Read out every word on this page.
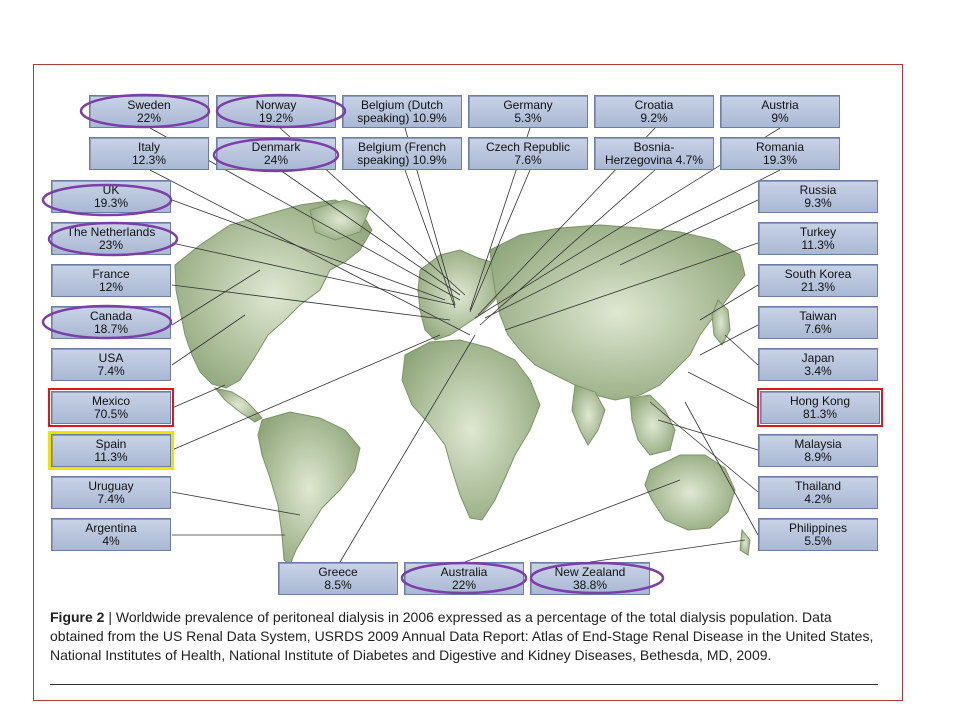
Sweden
22%
Norway
19.2%
Belgium (Dutch
speaking) 10.9%
Germany
5.3%
Croatia
9.2%
Austria
9%
Italy
12.3%
Denmark
24%
Belgium (French
speaking) 10.9%
Czech Republic
7.6%
Bosnia-
Herzegovina 4.7%
Romania
19.3%
UK
19.3%
The Netherlands
23%
France
12%
Canada
18.7%
USA
7.4%
Mexico
70.5%
Spain
11.3%
Uruguay
7.4%
Argentina
4%
Russia
9.3%
Turkey
11.3%
South Korea
21.3%
Taiwan
7.6%
Japan
3.4%
Hong Kong
81.3%
Malaysia
8.9%
Thailand
4.2%
Philippines
5.5%
Greece
8.5%
Australia
22%
New Zealand
38.8%
Figure 2 | Worldwide prevalence of peritoneal dialysis in 2006 expressed as a percentage of the total dialysis population. Data obtained from the US Renal Data System, USRDS 2009 Annual Data Report: Atlas of End-Stage Renal Disease in the United States, National Institutes of Health, National Institute of Diabetes and Digestive and Kidney Diseases, Bethesda, MD, 2009.
